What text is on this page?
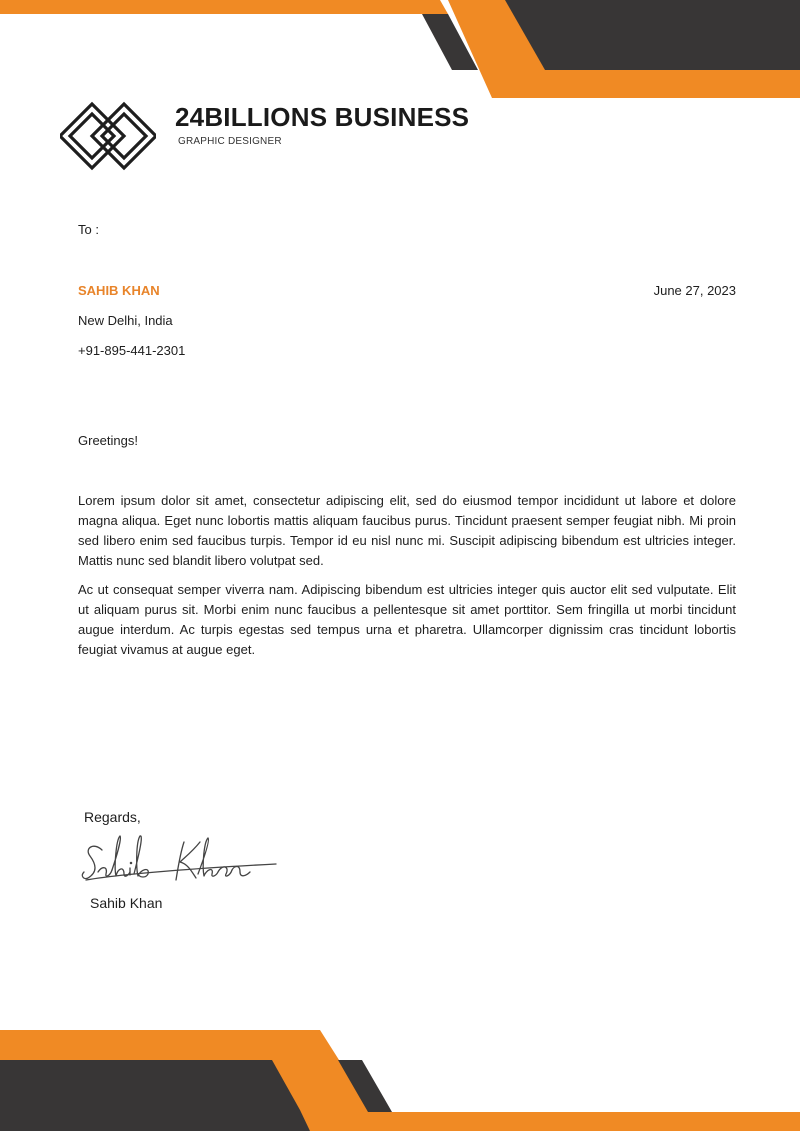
24BILLIONS BUSINESS
GRAPHIC DESIGNER
To :
SAHIB KHAN	June 27, 2023
New Delhi, India
+91-895-441-2301
Greetings!

Lorem ipsum dolor sit amet, consectetur adipiscing elit, sed do eiusmod tempor incididunt ut labore et dolore magna aliqua. Eget nunc lobortis mattis aliquam faucibus purus. Tincidunt praesent semper feugiat nibh. Mi proin sed libero enim sed faucibus turpis. Tempor id eu nisl nunc mi. Suscipit adipiscing bibendum est ultricies integer. Mattis nunc sed blandit libero volutpat sed.

Ac ut consequat semper viverra nam. Adipiscing bibendum est ultricies integer quis auctor elit sed vulputate. Elit ut aliquam purus sit. Morbi enim nunc faucibus a pellentesque sit amet porttitor. Sem fringilla ut morbi tincidunt augue interdum. Ac turpis egestas sed tempus urna et pharetra. Ullamcorper dignissim cras tincidunt lobortis feugiat vivamus at augue eget.

Regards,
Sahib Khan
